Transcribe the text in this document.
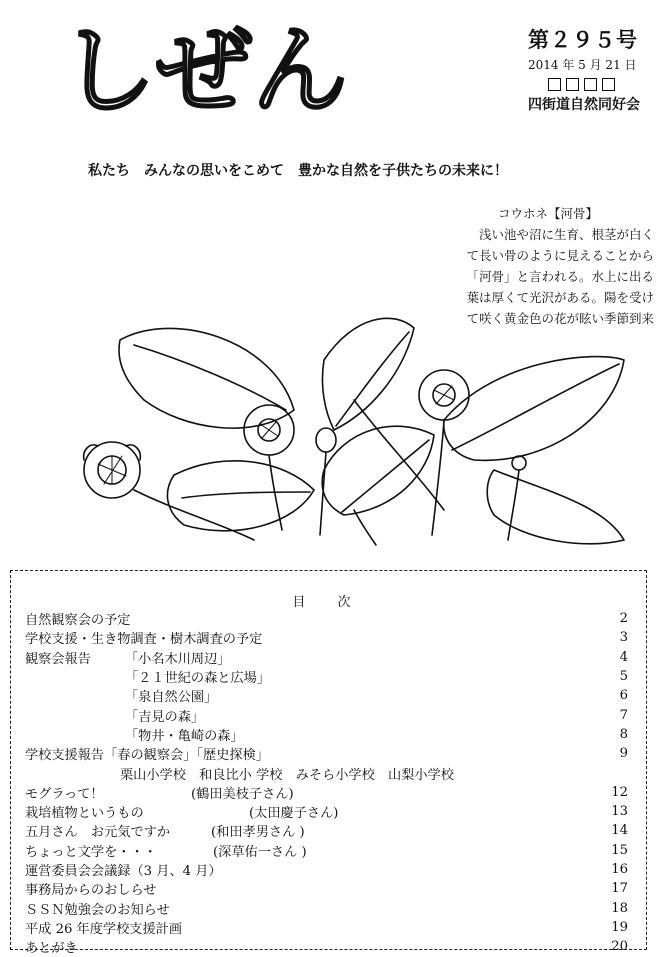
しぜん	第２９５号
2014 年 5 月 21 日
四街道自然同好会
私たち　みんなの思いをこめて　豊かな自然を子供たちの未来に！
コウホネ【河骨】
浅い池や沼に生育、根茎が白く
て長い骨のように見えることから
「河骨」と言われる。水上に出る
葉は厚くて光沢がある。陽を受け
て咲く黄金色の花が眩い季節到来
目 次
自然観察会の予定	2
学校支援・生き物調査・樹木調査の予定	3
観察会報告	「小名木川周辺」	4
「２１世紀の森と広場」	5
「泉自然公園」	6
「吉見の森」	7
「物井・亀崎の森」	8
学校支援報告「春の観察会」「歴史探検」	9
栗山小学校　和良比小 学校　みそら小学校　山梨小学校
モグラって！	(鶴田美枝子さん)	12
栽培植物というもの	(太田慶子さん)	13
五月さん　お元気ですか	(和田孝男さん )	14
ちょっと文学を・・・	(深草佑一さん )	15
運営委員会会議録（3 月、4 月）	16
事務局からのおしらせ	17
ＳＳＮ勉強会のお知らせ	18
平成 26 年度学校支援計画	19
あとがき	20
